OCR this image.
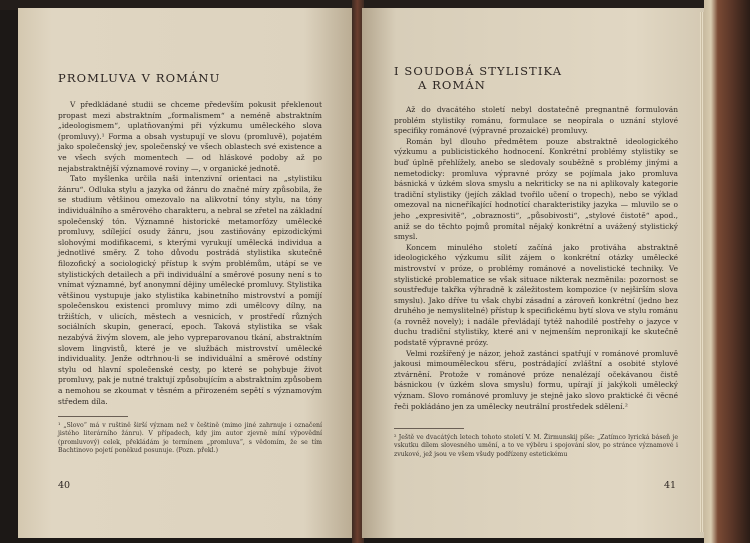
PROMLUVA V ROMÁNU

V předkládané studii se chceme především pokusit překlenout propast mezi abstraktním „formalismem“ a neméně abstraktním „ideologismem“, uplatňovanými při výzkumu uměleckého slova (promluvy).¹ Forma a obsah vystupují ve slovu (promluvě), pojatém jako společenský jev, společenský ve všech oblastech své existence a ve všech svých momentech — od hláskové podoby až po nejabstraktnější významové roviny —, v organické jednotě.

Tato myšlenka určila naši intenzivní orientaci na „stylistiku žánru“. Odluka stylu a jazyka od žánru do značné míry způsobila, že se studium většinou omezovalo na alikvotní tóny stylu, na tóny individuálního a směrového charakteru, a nebral se zřetel na základní společenský tón. Významné historické metamorfózy umělecké promluvy, sdílející osudy žánru, jsou zastiňovány epizodickými slohovými modifikacemi, s kterými vyrukují umělecká individua a jednotlivé směry. Z toho důvodu postrádá stylistika skutečně filozofický a sociologický přístup k svým problémům, utápí se ve stylistických detailech a při individuální a směrové posuny není s to vnímat významné, byť anonymní dějiny umělecké promluvy. Stylistika většinou vystupuje jako stylistika kabinetního mistrovství a pomíjí společenskou existenci promluvy mimo zdi umělcovy dílny, na tržištích, v ulicích, městech a vesnicích, v prostředí různých sociálních skupin, generací, epoch. Taková stylistika se však nezabývá živým slovem, ale jeho vypreparovanou tkání, abstraktním slovem lingvistů, které je ve službách mistrovství umělecké individuality. Jenže odtrhnou-li se individuální a směrové odstíny stylu od hlavní společenské cesty, po které se pohybuje život promluvy, pak je nutné traktují způsobujícím a abstraktním způsobem a nemohou se zkoumat v těsném a přirozeném sepětí s významovým středem díla.

¹ „Slovo“ má v ruštině širší význam než v češtině (mimo jiné zahrnuje i označení jistého literárního žánru). V případech, kdy jim autor zjevně míní výpovědní (promluvový) celek, překládám je termínem „promluva“, s vědomím, že se tím Bachtinovo pojetí poněkud posunuje. (Pozn. překl.)
40
I SOUDOBÁ STYLISTIKA
A ROMÁN

Až do dvacátého století nebyl dostatečně pregnantně formulován problém stylistiky románu, formulace se neopírala o uznání stylové specifiky románové (výpravné prozaické) promluvy.

Román byl dlouho předmětem pouze abstraktně ideologického výzkumu a publicistického hodnocení. Konkrétní problémy stylistiky se buď úplně přehlížely, anebo se sledovaly souběžně s problémy jinými a nemetodicky: promluva výpravné prózy se pojímala jako promluva básnická v úzkém slova smyslu a nekriticky se na ni aplikovaly kategorie tradiční stylistiky (jejích základ tvořilo učení o tropech), nebo se výklad omezoval na nicneříkající hodnotící charakteristiky jazyka — mluvilo se o jeho „expresivitě“, „obraznosti“, „působivosti“, „stylové čistotě“ apod., aniž se do těchto pojmů promítal nějaký konkrétní a uvážený stylistický smysl.

Koncem minulého století začíná jako protiváha abstraktně ideologického výzkumu sílit zájem o konkrétní otázky umělecké mistrovství v próze, o problémy románové a novelistické techniky. Ve stylistické problematice se však situace nikterak nezměnila: pozornost se soustřeďuje takřka výhradně k záležitostem kompozice (v nejširším slova smyslu). Jako dříve tu však chybí zásadní a zároveň konkrétní (jedno bez druhého je nemyslitelné) přístup k specifickému bytí slova ve stylu románu (a rovněž novely); i nadále převládají tytéž nahodilé postřehy o jazyce v duchu tradiční stylistiky, které ani v nejmenším nepronikají ke skutečně podstatě výpravné prózy.

Velmi rozšířený je názor, jehož zastánci spatřují v románové promluvě jakousi mimouměleckou sféru, postrádající zvláštní a osobité stylové ztvárnění. Protože v románové próze nenalézají očekávanou čistě básnickou (v úzkém slova smyslu) formu, upírají jí jakýkoli umělecký význam. Slovo románové promluvy je stejně jako slovo praktické či věcné řeči pokládáno jen za umělecky neutrální prostředek sdělení.²

² Ještě ve dvacátých letech tohoto století V. M. Žirmunskij píše: „Zatímco lyrická báseň je vskutku dílem slovesného umění, a to ve výběru i spojování slov, po stránce významové i zvukové, jež jsou ve všem všudy podřízeny estetickému
41
